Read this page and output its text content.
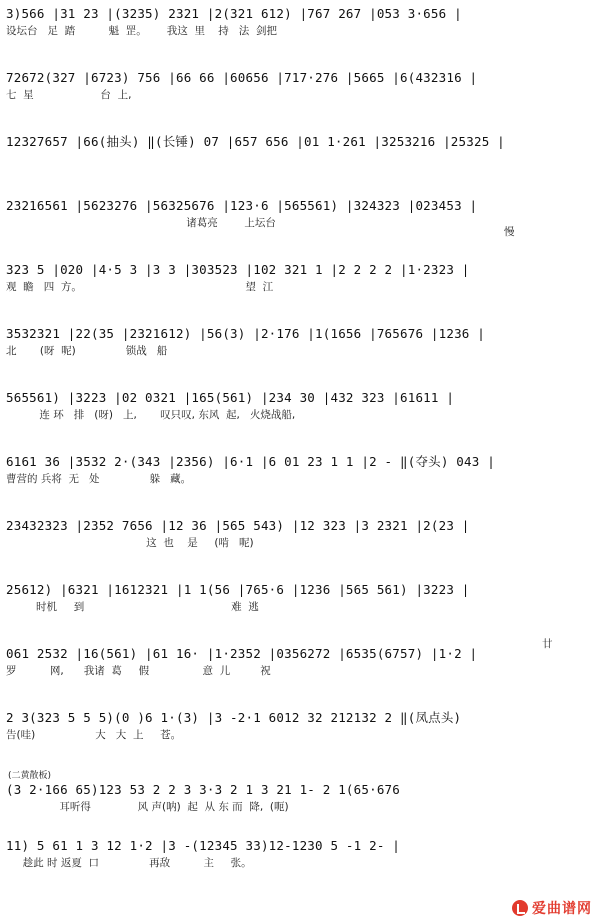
3)566 |31 23 |(3235) 2321 |2(321 612) |767 267 |053 3·656 |
设坛台   足  踏          魁  罡。      我这  里    持   法  剑把
72672(327 |6723) 756 |66 66 |60656 |717·276 |5665 |6(432316 |
七  星                    台  上,
12327657 |66(抽头) ‖(长锤) 07 |657 656 |01 1·261 |3253216 |25325 |
23216561 |5623276 |56325676 |123·6 |565561) |324323 |023453 |
诸葛亮        上坛台
慢
323 5 |020 |4·5 3 |3 3 |303523 |102 321 1 |2 2 2 2 |1·2323 |
观  瞻   四  方。                                                 望  江
3532321 |22(35 |2321612) |56(3) |2·176 |1(1656 |765676 |1236 |
北       (呀  呢)               锁战   船
565561) |3223 |02 0321 |165(561) |234 30 |432 323 |61611 |
连 环   排   (呀)   上,       叹只叹, 东风  起,   火烧战船,
6161 36 |3532 2·(343 |2356) |6·1 |6 01 23 1 1 |2 - ‖(夺头) 043 |
曹营的 兵将  无   处               躲   藏。
23432323 |2352 7656 |12 36 |565 543) |12 323 |3 2321 |2(23 |
这  也    是     (啃   呢)
25612) |6321 |1612321 |1 1(56 |765·6 |1236 |565 561) |3223 |
时机     到                                            难  逃
061 2532 |16(561) |61 16· |1·2352 |0356272 |6535(6757) |1·2 |
罗          网,      我诸  葛     假                意  儿         祝
廿
2 3(323 5 5 5)(0 )6 1·(3) |3 -2·1 6012 32 212132 2 ‖(凤点头)
告(哇)                  大   大  上     苍。
(二黄散板)
(3 2·166 65)123 53 2 2 3 3·3 2 1 3 21 1- 2 1(65·676
耳听得              风 声(呐)  起  从 东 而  降,  (呃)
11) 5 61 1 3 12 1·2 |3 -(12345 33)12-1230 5 -1 2- |
趁此 时 返夏  口               再敌          主     张。
爱曲谱网
